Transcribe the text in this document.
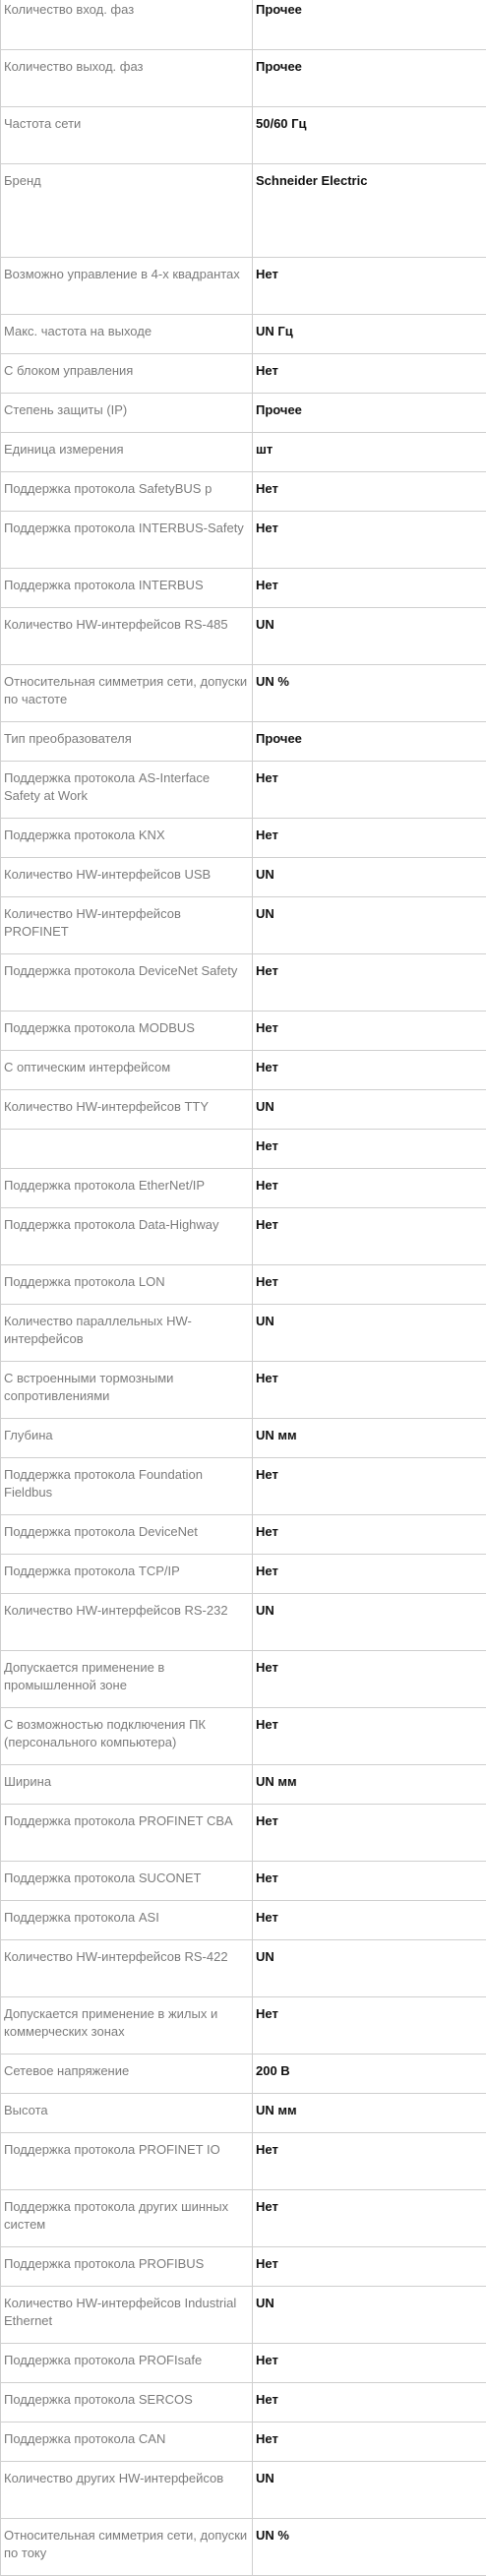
Количество вход. фаз	Прочее
Количество выход. фаз	Прочее
Частота сети	50/60 Гц
Бренд	Schneider Electric
Возможно управление в 4-х квадрантах	Нет
Макс. частота на выходе	UN Гц
С блоком управления	Нет
Степень защиты (IP)	Прочее
Единица измерения	шт
Поддержка протокола SafetyBUS p	Нет
Поддержка протокола INTERBUS-Safety	Нет
Поддержка протокола INTERBUS	Нет
Количество HW-интерфейсов RS-485	UN
Относительная симметрия сети, допуски по частоте	UN %
Тип преобразователя	Прочее
Поддержка протокола AS-Interface Safety at Work	Нет
Поддержка протокола KNX	Нет
Количество HW-интерфейсов USB	UN
Количество HW-интерфейсов PROFINET	UN
Поддержка протокола DeviceNet Safety	Нет
Поддержка протокола MODBUS	Нет
С оптическим интерфейсом	Нет
Количество HW-интерфейсов TTY	UN
	Нет
Поддержка протокола EtherNet/IP	Нет
Поддержка протокола Data-Highway	Нет
Поддержка протокола LON	Нет
Количество параллельных HW-интерфейсов	UN
С встроенными тормозными сопротивлениями	Нет
Глубина	UN мм
Поддержка протокола Foundation Fieldbus	Нет
Поддержка протокола DeviceNet	Нет
Поддержка протокола TCP/IP	Нет
Количество HW-интерфейсов RS-232	UN
Допускается применение в промышленной зоне	Нет
С возможностью подключения ПК (персонального компьютера)	Нет
Ширина	UN мм
Поддержка протокола PROFINET CBA	Нет
Поддержка протокола SUCONET	Нет
Поддержка протокола ASI	Нет
Количество HW-интерфейсов RS-422	UN
Допускается применение в жилых и коммерческих зонах	Нет
Сетевое напряжение	200 В
Высота	UN мм
Поддержка протокола PROFINET IO	Нет
Поддержка протокола других шинных систем	Нет
Поддержка протокола PROFIBUS	Нет
Количество HW-интерфейсов Industrial Ethernet	UN
Поддержка протокола PROFIsafe	Нет
Поддержка протокола SERCOS	Нет
Поддержка протокола CAN	Нет
Количество других HW-интерфейсов	UN
Относительная симметрия сети, допуски по току	UN %
